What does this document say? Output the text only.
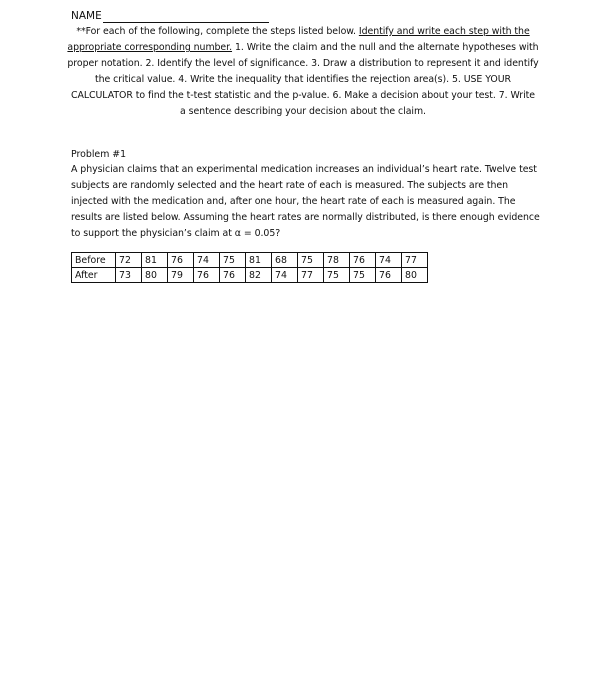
NAME
**For each of the following, complete the steps listed below. Identify and write each step with the appropriate corresponding number. 1. Write the claim and the null and the alternate hypotheses with proper notation. 2. Identify the level of significance. 3. Draw a distribution to represent it and identify the critical value. 4. Write the inequality that identifies the rejection area(s). 5. USE YOUR CALCULATOR to find the t-test statistic and the p-value. 6. Make a decision about your test. 7. Write a sentence describing your decision about the claim.
Problem #1
A physician claims that an experimental medication increases an individual’s heart rate. Twelve test subjects are randomly selected and the heart rate of each is measured. The subjects are then injected with the medication and, after one hour, the heart rate of each is measured again. The results are listed below. Assuming the heart rates are normally distributed, is there enough evidence to support the physician’s claim at α = 0.05?
Before	72	81	76	74	75	81	68	75	78	76	74	77
After	73	80	79	76	76	82	74	77	75	75	76	80
